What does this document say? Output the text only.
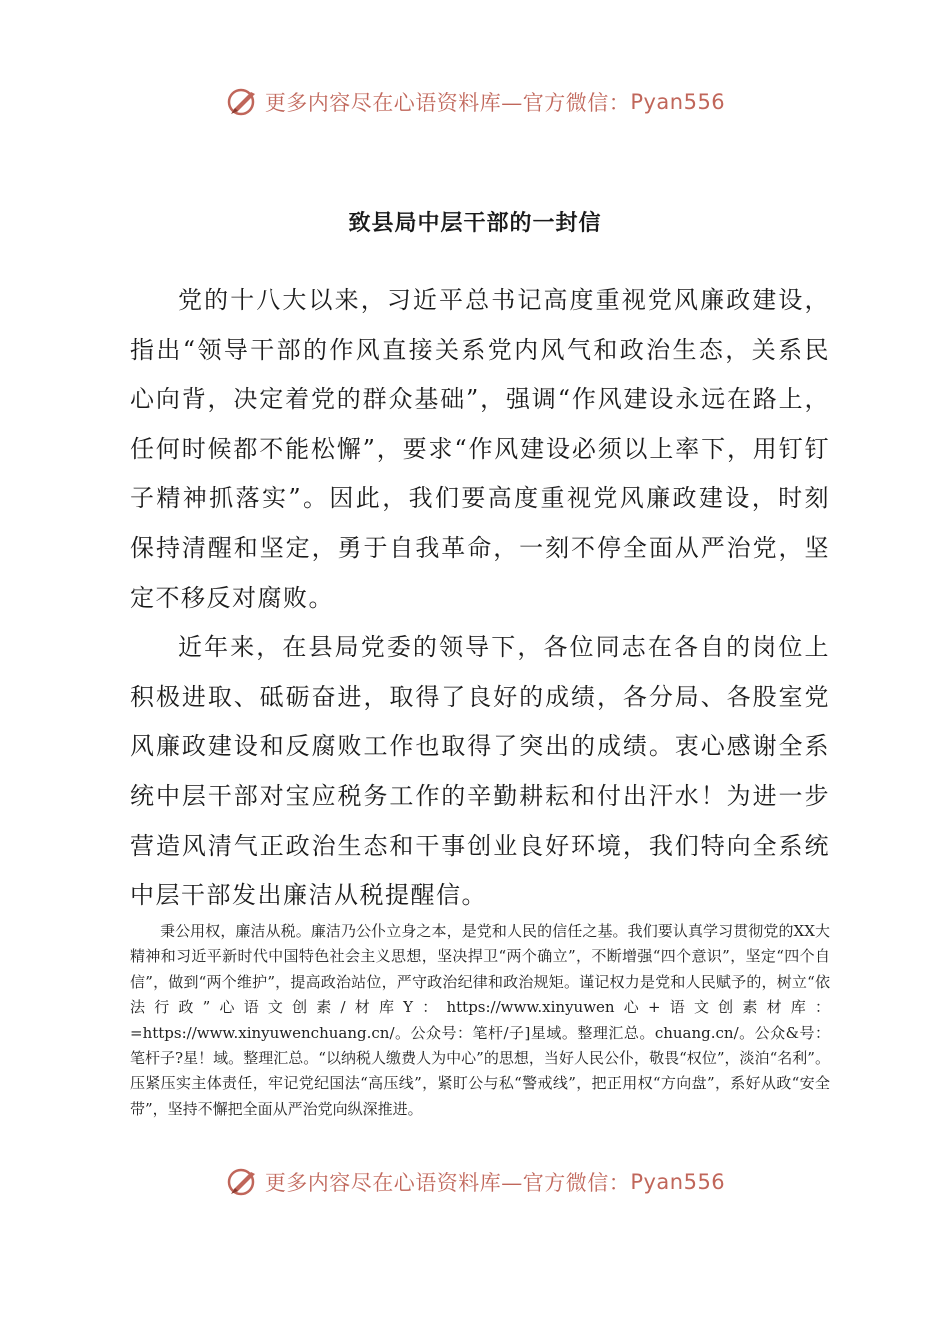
更多内容尽在心语资料库—官方微信： Pyan556
致县局中层干部的一封信

党的十八大以来，习近平总书记高度重视党风廉政建设，指出“领导干部的作风直接关系党内风气和政治生态，关系民心向背，决定着党的群众基础”，强调“作风建设永远在路上，任何时候都不能松懈”，要求“作风建设必须以上率下，用钉钉子精神抓落实”。因此，我们要高度重视党风廉政建设，时刻保持清醒和坚定，勇于自我革命，一刻不停全面从严治党，坚定不移反对腐败。

近年来，在县局党委的领导下，各位同志在各自的岗位上积极进取、砥砺奋进，取得了良好的成绩，各分局、各股室党风廉政建设和反腐败工作也取得了突出的成绩。衷心感谢全系统中层干部对宝应税务工作的辛勤耕耘和付出汗水！为进一步营造风清气正政治生态和干事创业良好环境，我们特向全系统中层干部发出廉洁从税提醒信。

秉公用权，廉洁从税。廉洁乃公仆立身之本，是党和人民的信任之基。我们要认真学习贯彻党的XX大精神和习近平新时代中国特色社会主义思想，坚决捍卫“两个确立”，不断增强“四个意识”，坚定“四个自信”，做到“两个维护”，提高政治站位，严守政治纪律和政治规矩。谨记权力是党和人民赋予的，树立“依法行政”心语文创素/材库Y：https://www.xinyuwen心+语文创素材库：=https://www.xinyuwenchuang.cn/。公众号：笔杆/子]星域。整理汇总。chuang.cn/。公众&号：笔杆子?星！域。整理汇总。“以纳税人缴费人为中心”的思想，当好人民公仆，敬畏“权位”，淡泊“名利”。压紧压实主体责任，牢记党纪国法“高压线”，紧盯公与私“警戒线”，把正用权“方向盘”，系好从政“安全带”，坚持不懈把全面从严治党向纵深推进。

更多内容尽在心语资料库—官方微信： Pyan556
